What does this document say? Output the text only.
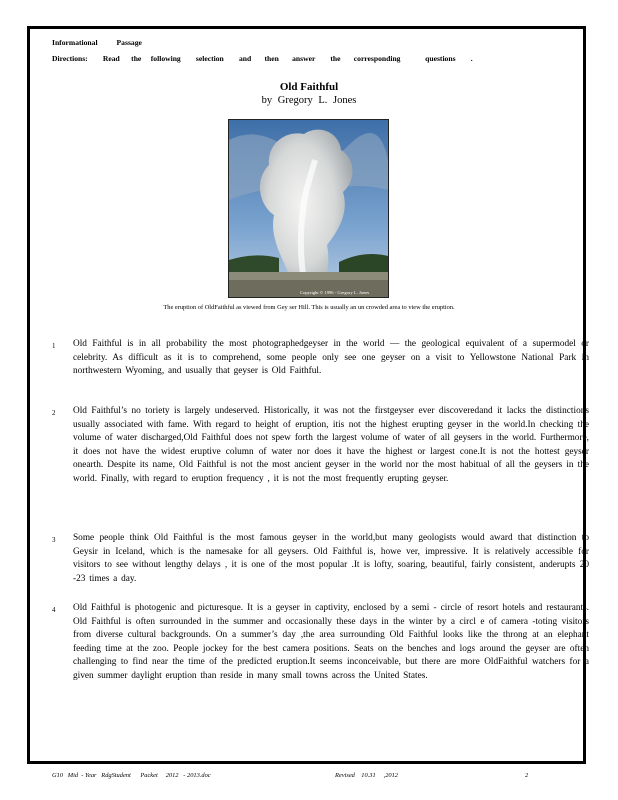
Informational          Passage
Directions:        Read      the     following        selection        and       then       answer        the       corresponding             questions        .
Old Faithful
by Gregory L. Jones
Copyright © 1996 - Gregory L. Jones
The eruption of OldFaithful as viewed from Gey ser Hill. This is usually an un crowded area to view the eruption.
1 Old Faithful is in all probability the most photographedgeyser in the world — the geological equivalent of a supermodel or celebrity. As difficult as it is to comprehend, some people only see one geyser on a visit to Yellowstone National Park in northwestern Wyoming, and usually that geyser is Old Faithful.
2 Old Faithful’s no toriety is largely undeserved. Historically, it was not the firstgeyser ever discoveredand it lacks the distinctions usually associated with fame. With regard to height of eruption, itis not the highest erupting geyser in the world.In checking the volume of water discharged,Old Faithful does not spew forth the largest volume of water of all geysers in the world. Furthermore, it does not have the widest eruptive column of water nor does it have the highest or largest cone.It is not the hottest geyser onearth. Despite its name, Old Faithful is not the most ancient geyser in the world nor the most habitual of all the geysers in the world. Finally, with regard to eruption frequency , it is not the most frequently erupting geyser.
3 Some people think Old Faithful is the most famous geyser in the world,but many geologists would award that distinction to Geysir in Iceland, which is the namesake for all geysers. Old Faithful is, howe ver, impressive. It is relatively accessible for visitors to see without lengthy delays , it is one of the most popular .It is lofty, soaring, beautiful, fairly consistent, anderupts 20 -23 times a day.
4 Old Faithful is photogenic and picturesque. It is a geyser in captivity, enclosed by a semi - circle of resort hotels and restaurants. Old Faithful is often surrounded in the summer and occasionally these days in the winter by a circl e of camera -toting visitors from diverse cultural backgrounds. On a summer’s day ,the area surrounding Old Faithful looks like the throng at an elephant feeding time at the zoo. People jockey for the best camera positions. Seats on the benches and logs around the geyser are often challenging to find near the time of the predicted eruption.It seems inconceivable, but there are more OldFaithful watchers for a given summer daylight eruption than reside in many small towns across the United States.
G10   Mid  - Year   RdgStudent      Packet     2012   - 2013.doc	Revised    10.31     ,2012	2
